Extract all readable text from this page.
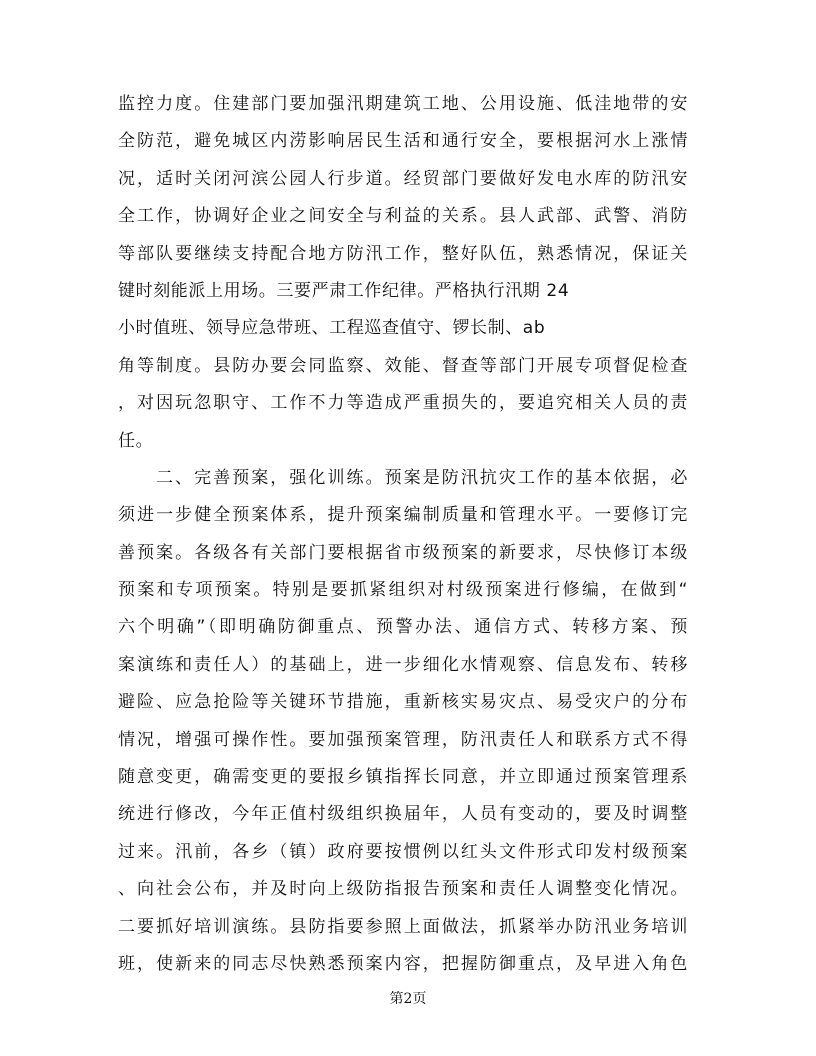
监控力度。住建部门要加强汛期建筑工地、公用设施、低洼地带的安
全防范，避免城区内涝影响居民生活和通行安全，要根据河水上涨情
况，适时关闭河滨公园人行步道。经贸部门要做好发电水库的防汛安
全工作，协调好企业之间安全与利益的关系。县人武部、武警、消防
等部队要继续支持配合地方防汛工作，整好队伍，熟悉情况，保证关
键时刻能派上用场。三要严肃工作纪律。严格执行汛期 24
小时值班、领导应急带班、工程巡查值守、锣长制、ab
角等制度。县防办要会同监察、效能、督查等部门开展专项督促检查
，对因玩忽职守、工作不力等造成严重损失的，要追究相关人员的责
任。
二、完善预案，强化训练。预案是防汛抗灾工作的基本依据，必
须进一步健全预案体系，提升预案编制质量和管理水平。一要修订完
善预案。各级各有关部门要根据省市级预案的新要求，尽快修订本级
预案和专项预案。特别是要抓紧组织对村级预案进行修编，在做到“
六个明确”（即明确防御重点、预警办法、通信方式、转移方案、预
案演练和责任人）的基础上，进一步细化水情观察、信息发布、转移
避险、应急抢险等关键环节措施，重新核实易灾点、易受灾户的分布
情况，增强可操作性。要加强预案管理，防汛责任人和联系方式不得
随意变更，确需变更的要报乡镇指挥长同意，并立即通过预案管理系
统进行修改，今年正值村级组织换届年，人员有变动的，要及时调整
过来。汛前，各乡（镇）政府要按惯例以红头文件形式印发村级预案
、向社会公布，并及时向上级防指报告预案和责任人调整变化情况。
二要抓好培训演练。县防指要参照上面做法，抓紧举办防汛业务培训
班，使新来的同志尽快熟悉预案内容，把握防御重点，及早进入角色
第2页
